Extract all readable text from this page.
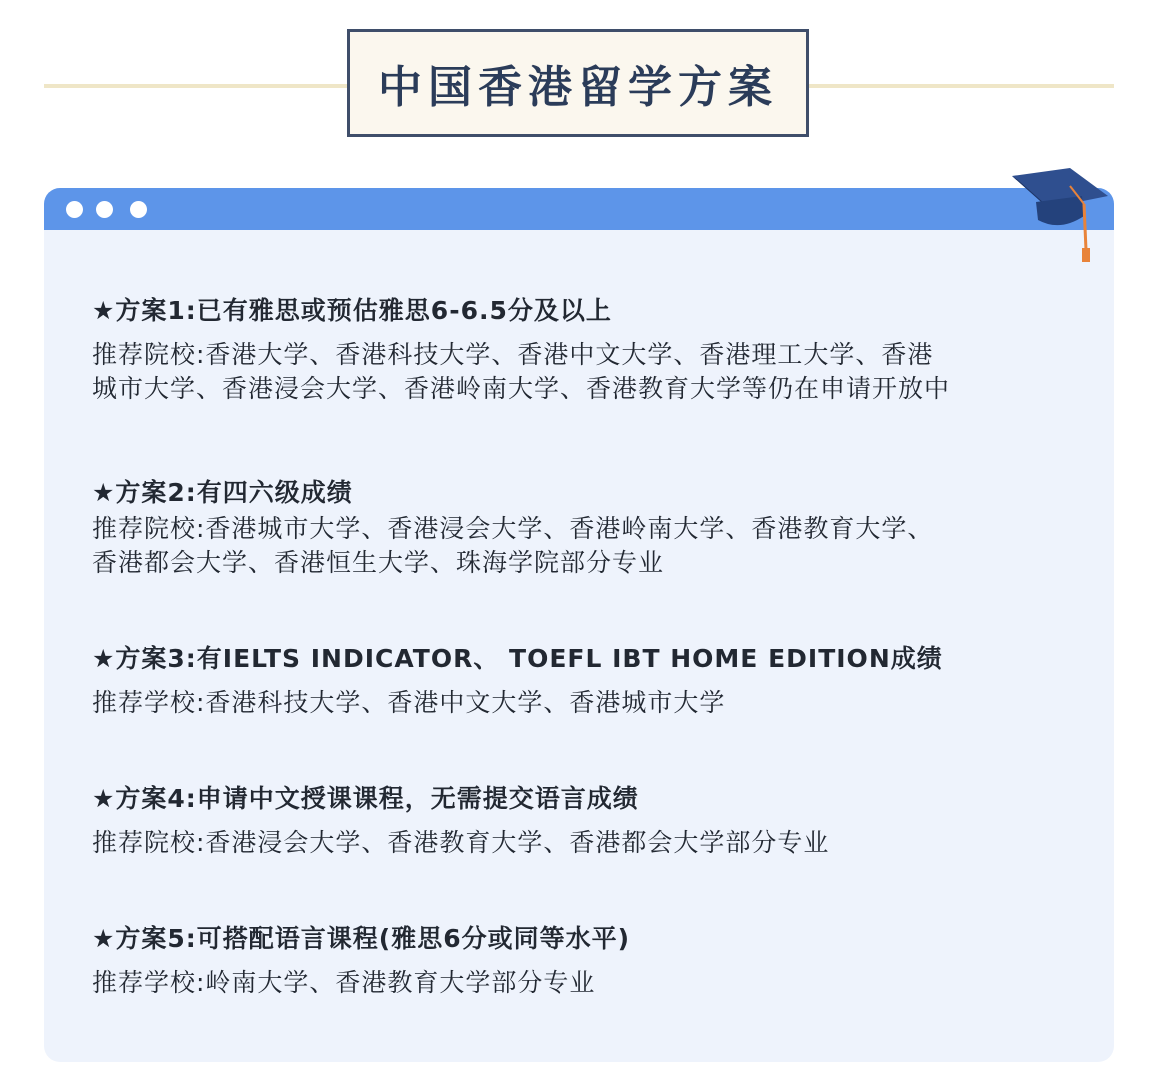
中国香港留学方案
★方案1:已有雅思或预估雅思6-6.5分及以上
推荐院校:香港大学、香港科技大学、香港中文大学、香港理工大学、香港
城市大学、香港浸会大学、香港岭南大学、香港教育大学等仍在申请开放中
★方案2:有四六级成绩
推荐院校:香港城市大学、香港浸会大学、香港岭南大学、香港教育大学、
香港都会大学、香港恒生大学、珠海学院部分专业
★方案3:有IELTS INDICATOR、 TOEFL IBT HOME EDITION成绩
推荐学校:香港科技大学、香港中文大学、香港城市大学
★方案4:申请中文授课课程，无需提交语言成绩
推荐院校:香港浸会大学、香港教育大学、香港都会大学部分专业
★方案5:可搭配语言课程(雅思6分或同等水平)
推荐学校:岭南大学、香港教育大学部分专业
